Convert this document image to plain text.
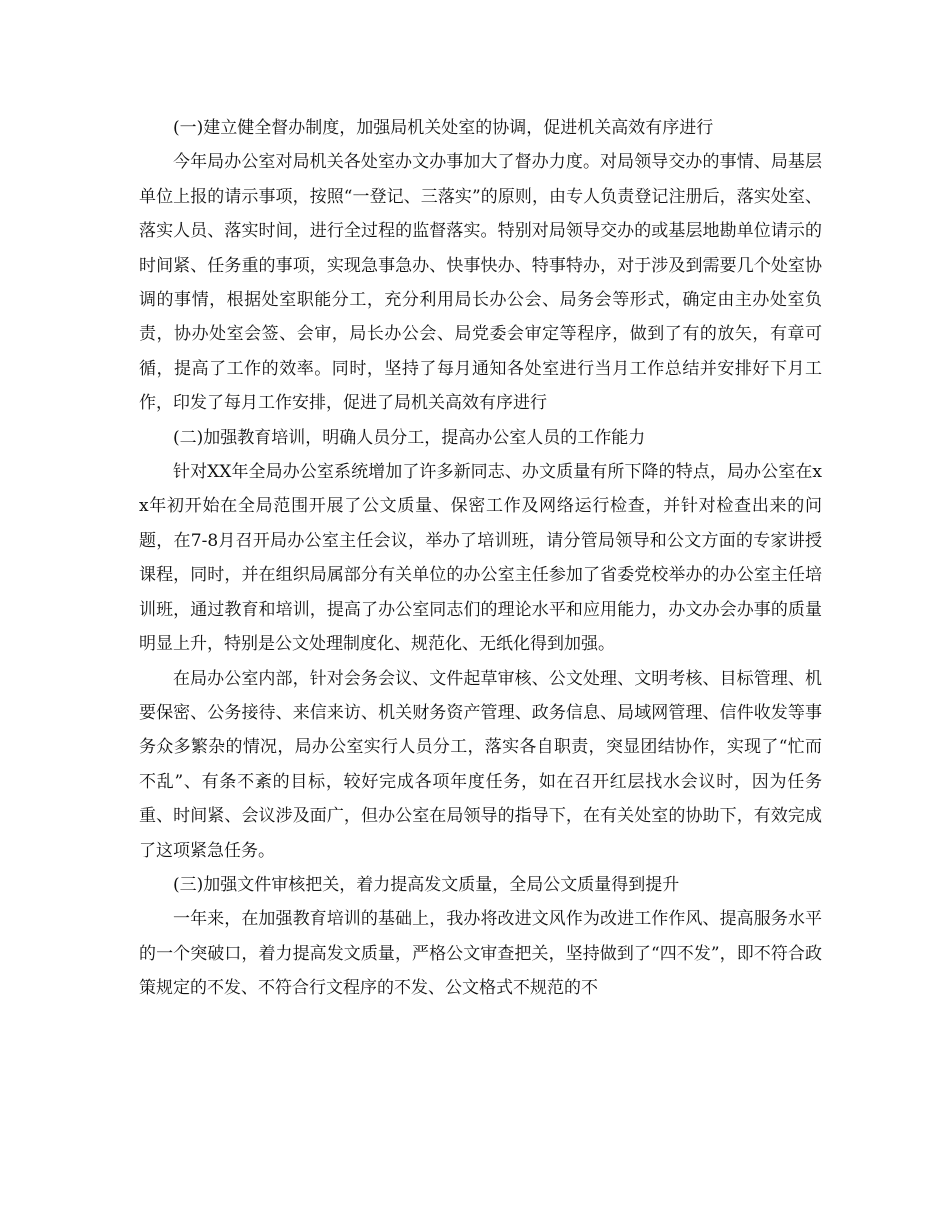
(一)建立健全督办制度，加强局机关处室的协调，促进机关高效有序进行

今年局办公室对局机关各处室办文办事加大了督办力度。对局领导交办的事情、局基层单位上报的请示事项，按照“一登记、三落实”的原则，由专人负责登记注册后，落实处室、落实人员、落实时间，进行全过程的监督落实。特别对局领导交办的或基层地勘单位请示的时间紧、任务重的事项，实现急事急办、快事快办、特事特办，对于涉及到需要几个处室协调的事情，根据处室职能分工，充分利用局长办公会、局务会等形式，确定由主办处室负责，协办处室会签、会审，局长办公会、局党委会审定等程序，做到了有的放矢，有章可循，提高了工作的效率。同时，坚持了每月通知各处室进行当月工作总结并安排好下月工作，印发了每月工作安排，促进了局机关高效有序进行

(二)加强教育培训，明确人员分工，提高办公室人员的工作能力

针对XX年全局办公室系统增加了许多新同志、办文质量有所下降的特点，局办公室在xx年初开始在全局范围开展了公文质量、保密工作及网络运行检查，并针对检查出来的问题，在7-8月召开局办公室主任会议，举办了培训班，请分管局领导和公文方面的专家讲授课程，同时，并在组织局属部分有关单位的办公室主任参加了省委党校举办的办公室主任培训班，通过教育和培训，提高了办公室同志们的理论水平和应用能力，办文办会办事的质量明显上升，特别是公文处理制度化、规范化、无纸化得到加强。

在局办公室内部，针对会务会议、文件起草审核、公文处理、文明考核、目标管理、机要保密、公务接待、来信来访、机关财务资产管理、政务信息、局域网管理、信件收发等事务众多繁杂的情况，局办公室实行人员分工，落实各自职责，突显团结协作，实现了“忙而不乱”、有条不紊的目标，较好完成各项年度任务，如在召开红层找水会议时，因为任务重、时间紧、会议涉及面广，但办公室在局领导的指导下，在有关处室的协助下，有效完成了这项紧急任务。

(三)加强文件审核把关，着力提高发文质量，全局公文质量得到提升

一年来，在加强教育培训的基础上，我办将改进文风作为改进工作作风、提高服务水平的一个突破口，着力提高发文质量，严格公文审查把关，坚持做到了“四不发”，即不符合政策规定的不发、不符合行文程序的不发、公文格式不规范的不
